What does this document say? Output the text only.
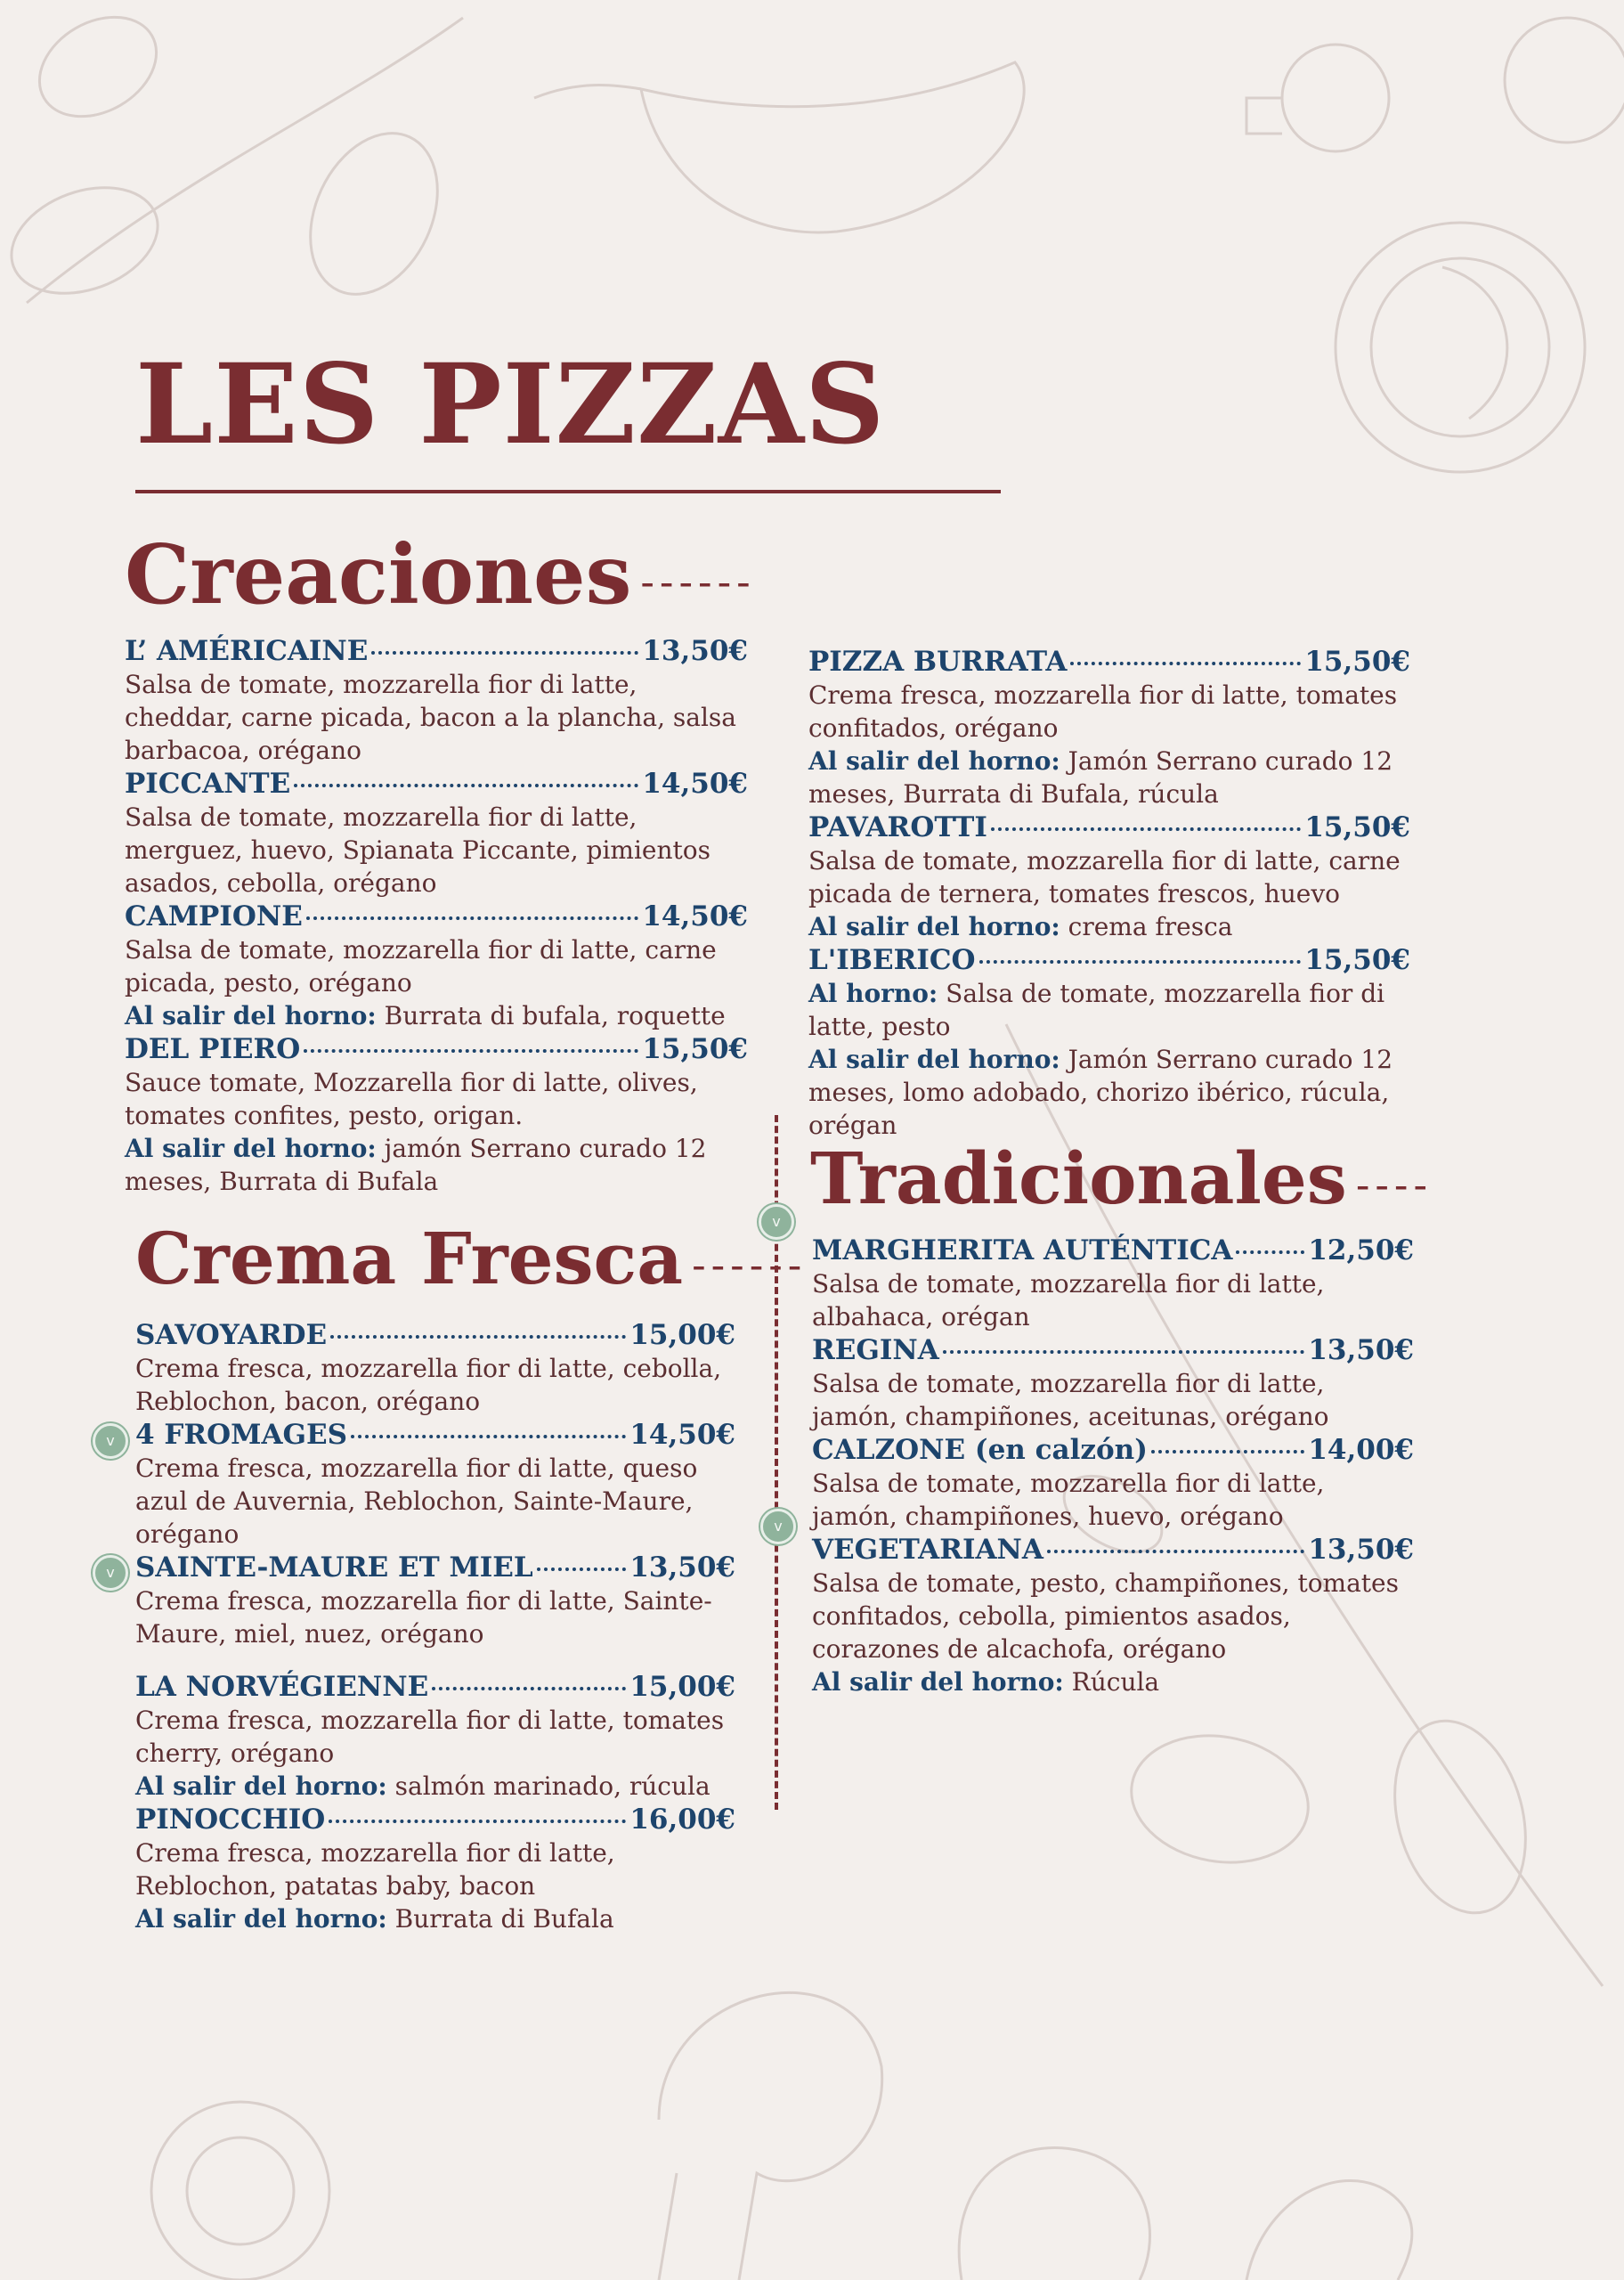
LES PIZZAS
Creaciones ------
L’ AMÉRICAINE	13,50€

Salsa de tomate, mozzarella fior di latte, cheddar, carne picada, bacon a la plancha, salsa barbacoa, orégano

PICCANTE	14,50€

Salsa de tomate, mozzarella fior di latte, merguez, huevo, Spianata Piccante, pimientos asados, cebolla, orégano

CAMPIONE	14,50€

Salsa de tomate, mozzarella fior di latte, carne picada, pesto, orégano

Al salir del horno: Burrata di bufala, roquette

DEL PIERO	15,50€

Sauce tomate, Mozzarella fior di latte, olives, tomates confites, pesto, origan.

Al salir del horno: jamón Serrano curado 12 meses, Burrata di Bufala

PIZZA BURRATA	15,50€

Crema fresca, mozzarella fior di latte, tomates confitados, orégano

Al salir del horno: Jamón Serrano curado 12 meses, Burrata di Bufala, rúcula

PAVAROTTI	15,50€

Salsa de tomate, mozzarella fior di latte, carne picada de ternera, tomates frescos, huevo

Al salir del horno: crema fresca

L'IBERICO	15,50€

Al horno: Salsa de tomate, mozzarella fior di latte, pesto

Al salir del horno: Jamón Serrano curado 12 meses, lomo adobado, chorizo ibérico, rúcula, orégan

Crema Fresca ------
SAVOYARDE	15,00€

Crema fresca, mozzarella fior di latte, cebolla, Reblochon, bacon, orégano

4 FROMAGES	14,50€

Crema fresca, mozzarella fior di latte, queso azul de Auvernia, Reblochon, Sainte-Maure, orégano

SAINTE-MAURE ET MIEL	13,50€

Crema fresca, mozzarella fior di latte, Sainte-Maure, miel, nuez, orégano

LA NORVÉGIENNE	15,00€

Crema fresca, mozzarella fior di latte, tomates cherry, orégano

Al salir del horno: salmón marinado, rúcula

PINOCCHIO	16,00€

Crema fresca, mozzarella fior di latte, Reblochon, patatas baby, bacon

Al salir del horno: Burrata di Bufala

Tradicionales ----
MARGHERITA AUTÉNTICA	12,50€

Salsa de tomate, mozzarella fior di latte, albahaca, orégan

REGINA	13,50€

Salsa de tomate, mozzarella fior di latte, jamón, champiñones, aceitunas, orégano

CALZONE (en calzón)	14,00€

Salsa de tomate, mozzarella fior di latte, jamón, champiñones, huevo, orégano

VEGETARIANA	13,50€

Salsa de tomate, pesto, champiñones, tomates confitados, cebolla, pimientos asados, corazones de alcachofa, orégano

Al salir del horno: Rúcula

v
v
v
v
